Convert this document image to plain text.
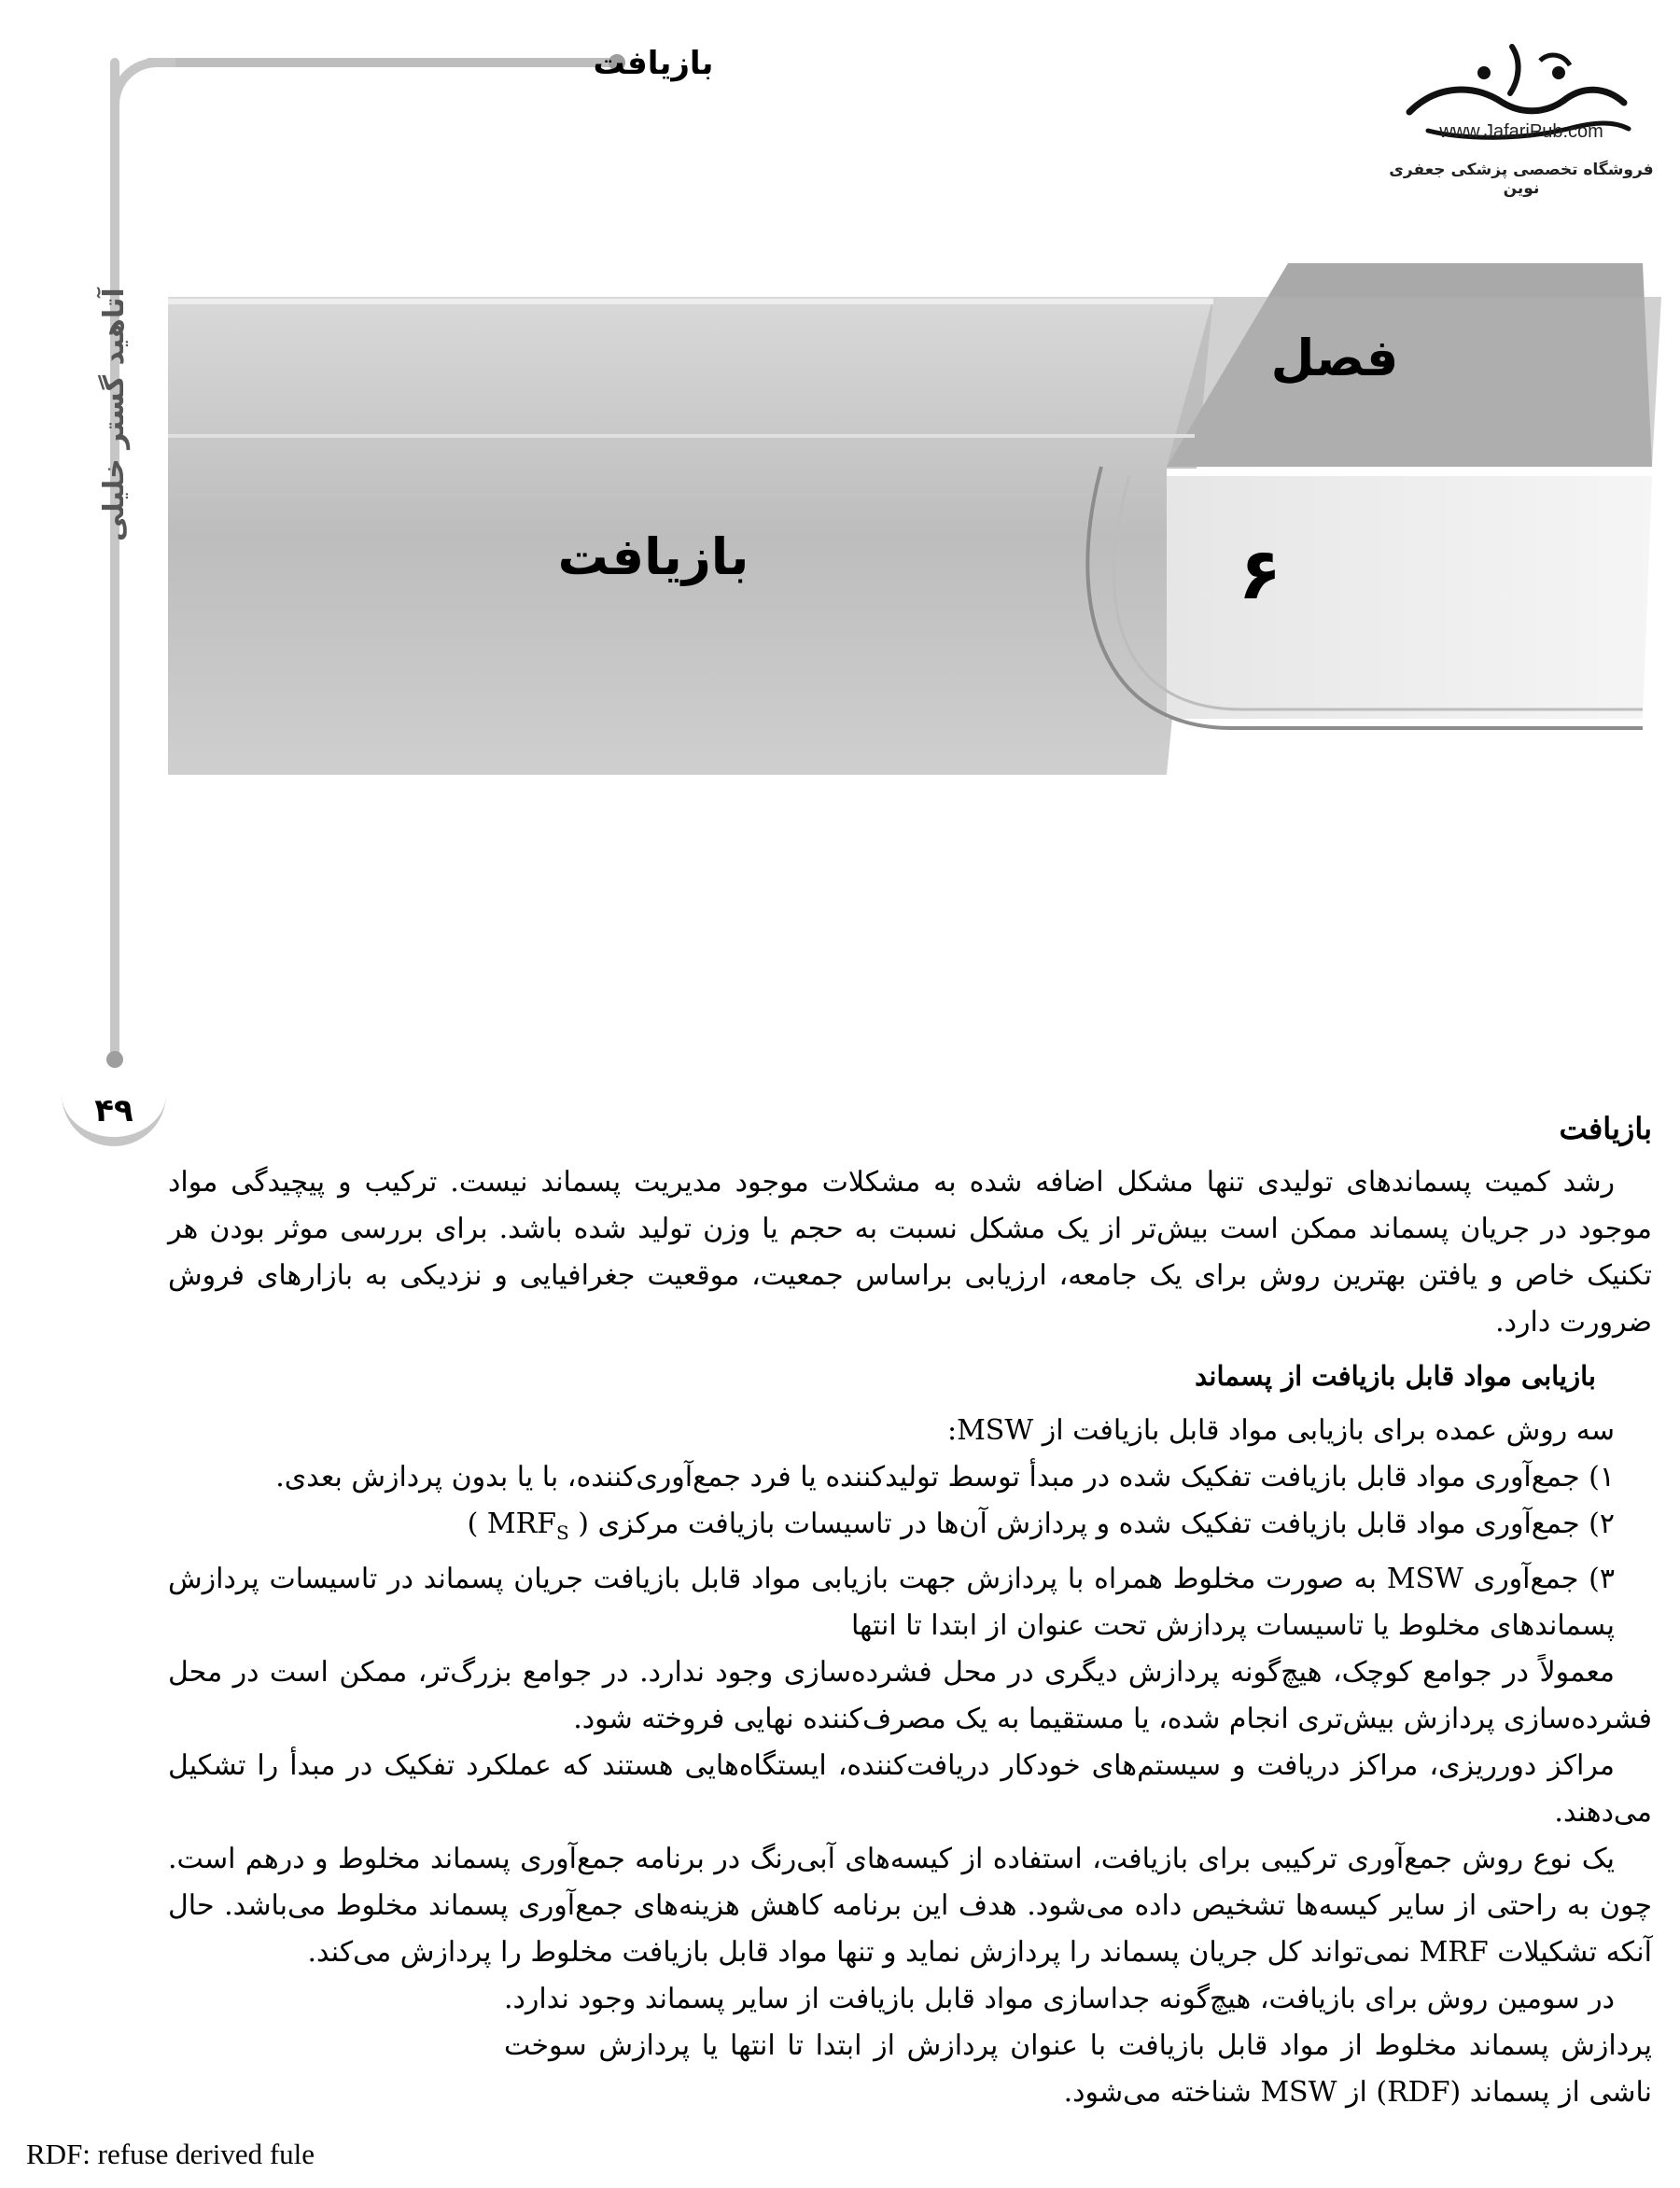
بازیافت
آتاهید گستر خلیلی
۴۹
www.JafariPub.com
فروشگاه تخصصی پزشکی جعفری نوین
فصل
۶
بازیافت
بازیافت

رشد کمیت پسماندهای تولیدی تنها مشکل اضافه شده به مشکلات موجود مدیریت پسماند نیست. ترکیب و پیچیدگی مواد موجود در جریان پسماند ممکن است بیش‌تر از یک مشکل نسبت به حجم یا وزن تولید شده باشد. برای بررسی موثر بودن هر تکنیک خاص و یافتن بهترین روش برای یک جامعه، ارزیابی براساس جمعیت، موقعیت جغرافیایی و نزدیکی به بازارهای فروش ضرورت دارد.

بازیابی مواد قابل بازیافت از پسماند

سه روش عمده برای بازیابی مواد قابل بازیافت از MSW:

۱) جمع‌آوری مواد قابل بازیافت تفکیک شده در مبدأ توسط تولیدکننده یا فرد جمع‌آوری‌کننده، با یا بدون پردازش بعدی.

۲) جمع‌آوری مواد قابل بازیافت تفکیک شده و پردازش آن‌ها در تاسیسات بازیافت مرکزی ( $MRF_S$ )

۳) جمع‌آوری MSW به صورت مخلوط همراه با پردازش جهت بازیابی مواد قابل بازیافت جریان پسماند در تاسیسات پردازش پسماندهای مخلوط یا تاسیسات پردازش تحت عنوان از ابتدا تا انتها

معمولاً در جوامع کوچک، هیچ‌گونه پردازش دیگری در محل فشرده‌سازی وجود ندارد. در جوامع بزرگ‌تر، ممکن است در محل فشرده‌سازی پردازش بیش‌تری انجام شده، یا مستقیما به یک مصرف‌کننده نهایی فروخته شود.

مراکز دورریزی، مراکز دریافت و سیستم‌های خودکار دریافت‌کننده، ایستگاه‌هایی هستند که عملکرد تفکیک در مبدأ را تشکیل می‌دهند.

یک نوع روش جمع‌آوری ترکیبی برای بازیافت، استفاده از کیسه‌های آبی‌رنگ در برنامه جمع‌آوری پسماند مخلوط و درهم است. چون به راحتی از سایر کیسه‌ها تشخیص داده می‌شود. هدف این برنامه کاهش هزینه‌های جمع‌آوری پسماند مخلوط می‌باشد. حال آنکه تشکیلات MRF نمی‌تواند کل جریان پسماند را پردازش نماید و تنها مواد قابل بازیافت مخلوط را پردازش می‌کند.

در سومین روش برای بازیافت، هیچ‌گونه جداسازی مواد قابل بازیافت از سایر پسماند وجود ندارد. پردازش پسماند مخلوط از مواد قابل بازیافت با عنوان پردازش از ابتدا تا انتها یا پردازش سوخت ناشی از پسماند (RDF) از MSW شناخته می‌شود.

RDF: refuse derived fule
